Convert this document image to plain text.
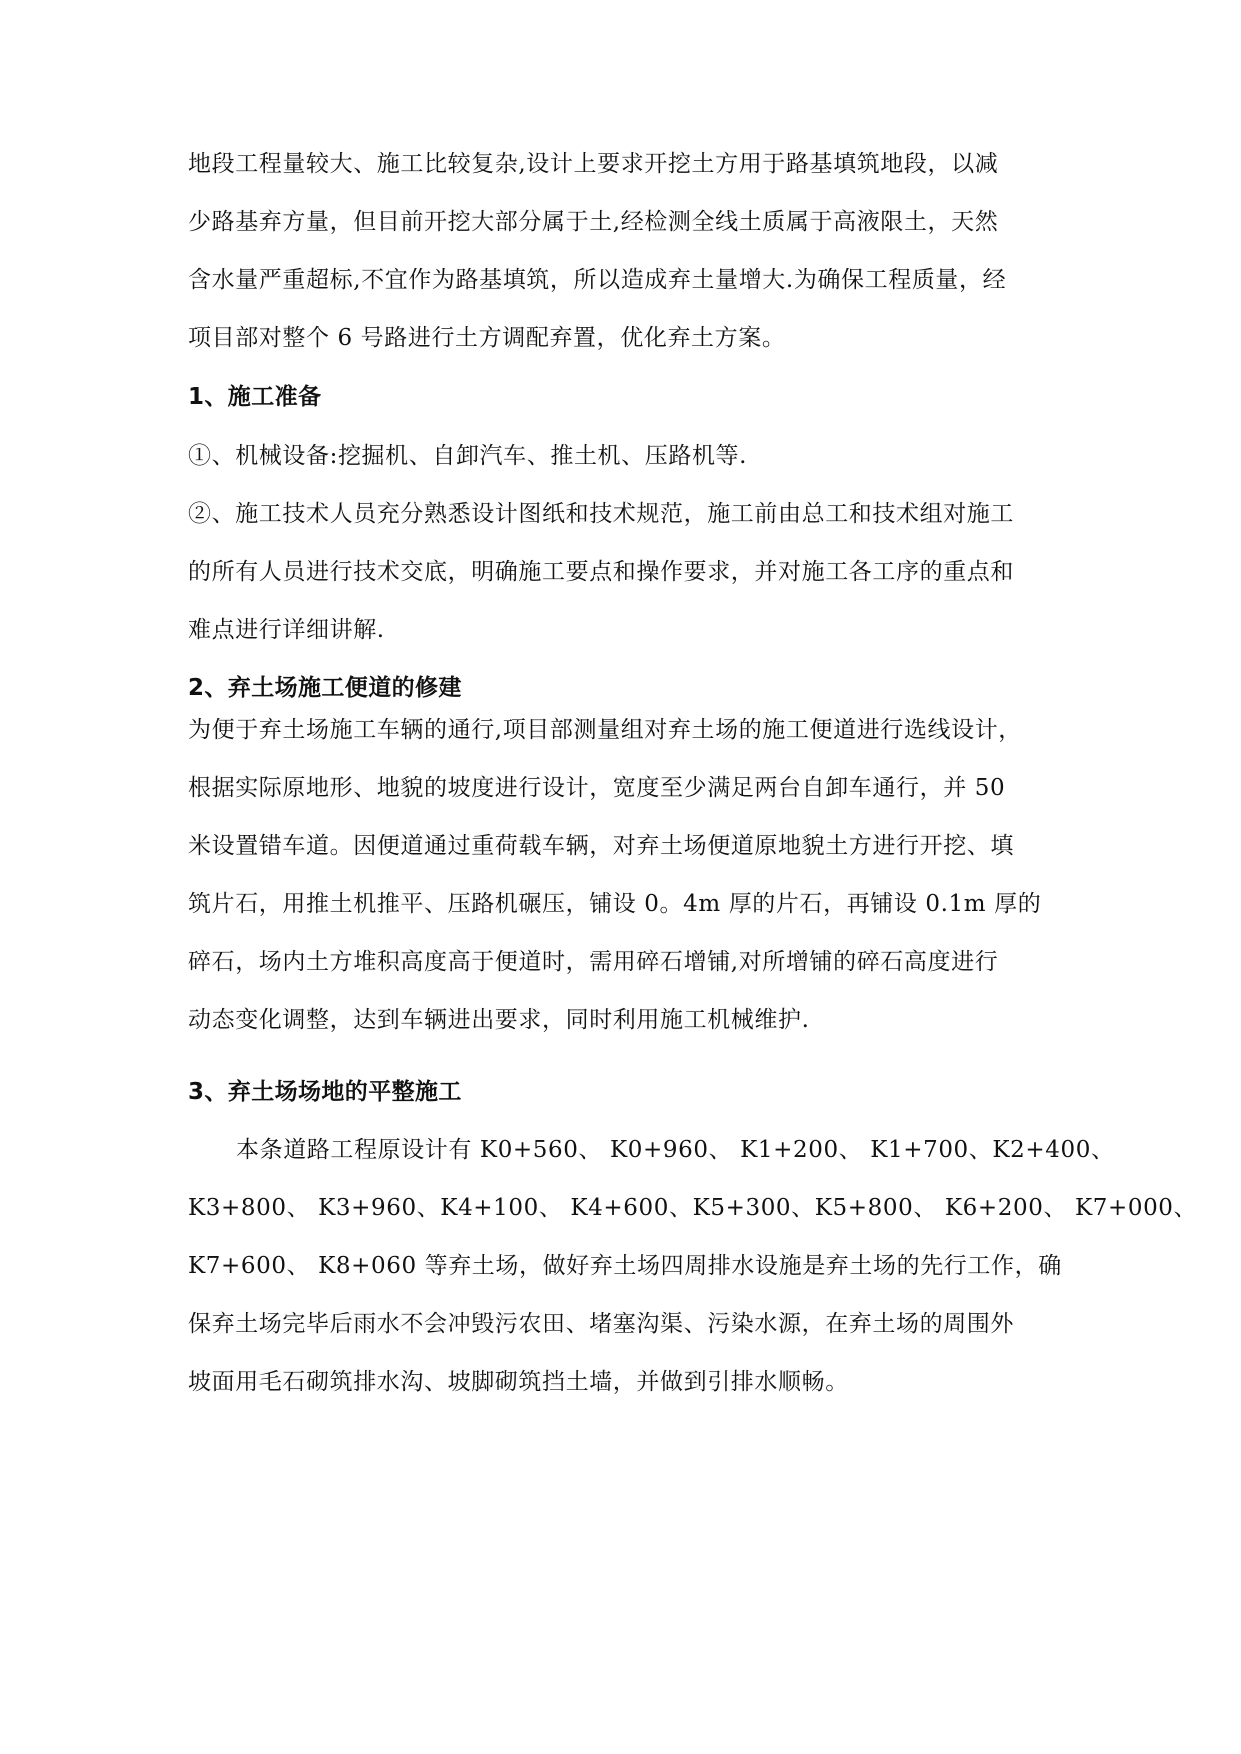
地段工程量较大、施工比较复杂,设计上要求开挖土方用于路基填筑地段，以减
少路基弃方量，但目前开挖大部分属于土,经检测全线土质属于高液限土，天然
含水量严重超标,不宜作为路基填筑，所以造成弃土量增大.为确保工程质量，经
项目部对整个 6 号路进行土方调配弃置，优化弃土方案。
1、施工准备
①、机械设备:挖掘机、自卸汽车、推土机、压路机等.
②、施工技术人员充分熟悉设计图纸和技术规范，施工前由总工和技术组对施工
的所有人员进行技术交底，明确施工要点和操作要求，并对施工各工序的重点和
难点进行详细讲解.
2、弃土场施工便道的修建
为便于弃土场施工车辆的通行,项目部测量组对弃土场的施工便道进行选线设计，
根据实际原地形、地貌的坡度进行设计，宽度至少满足两台自卸车通行，并 50
米设置错车道。因便道通过重荷载车辆，对弃土场便道原地貌土方进行开挖、填
筑片石，用推土机推平、压路机碾压，铺设 0。4m 厚的片石，再铺设 0.1m 厚的
碎石，场内土方堆积高度高于便道时，需用碎石增铺,对所增铺的碎石高度进行
动态变化调整，达到车辆进出要求，同时利用施工机械维护.
3、弃土场场地的平整施工
本条道路工程原设计有 K0+560、 K0+960、 K1+200、 K1+700、K2+400、
K3+800、 K3+960、K4+100、 K4+600、K5+300、K5+800、 K6+200、 K7+000、
K7+600、 K8+060 等弃土场，做好弃土场四周排水设施是弃土场的先行工作，确
保弃土场完毕后雨水不会冲毁污农田、堵塞沟渠、污染水源，在弃土场的周围外
坡面用毛石砌筑排水沟、坡脚砌筑挡土墙，并做到引排水顺畅。
